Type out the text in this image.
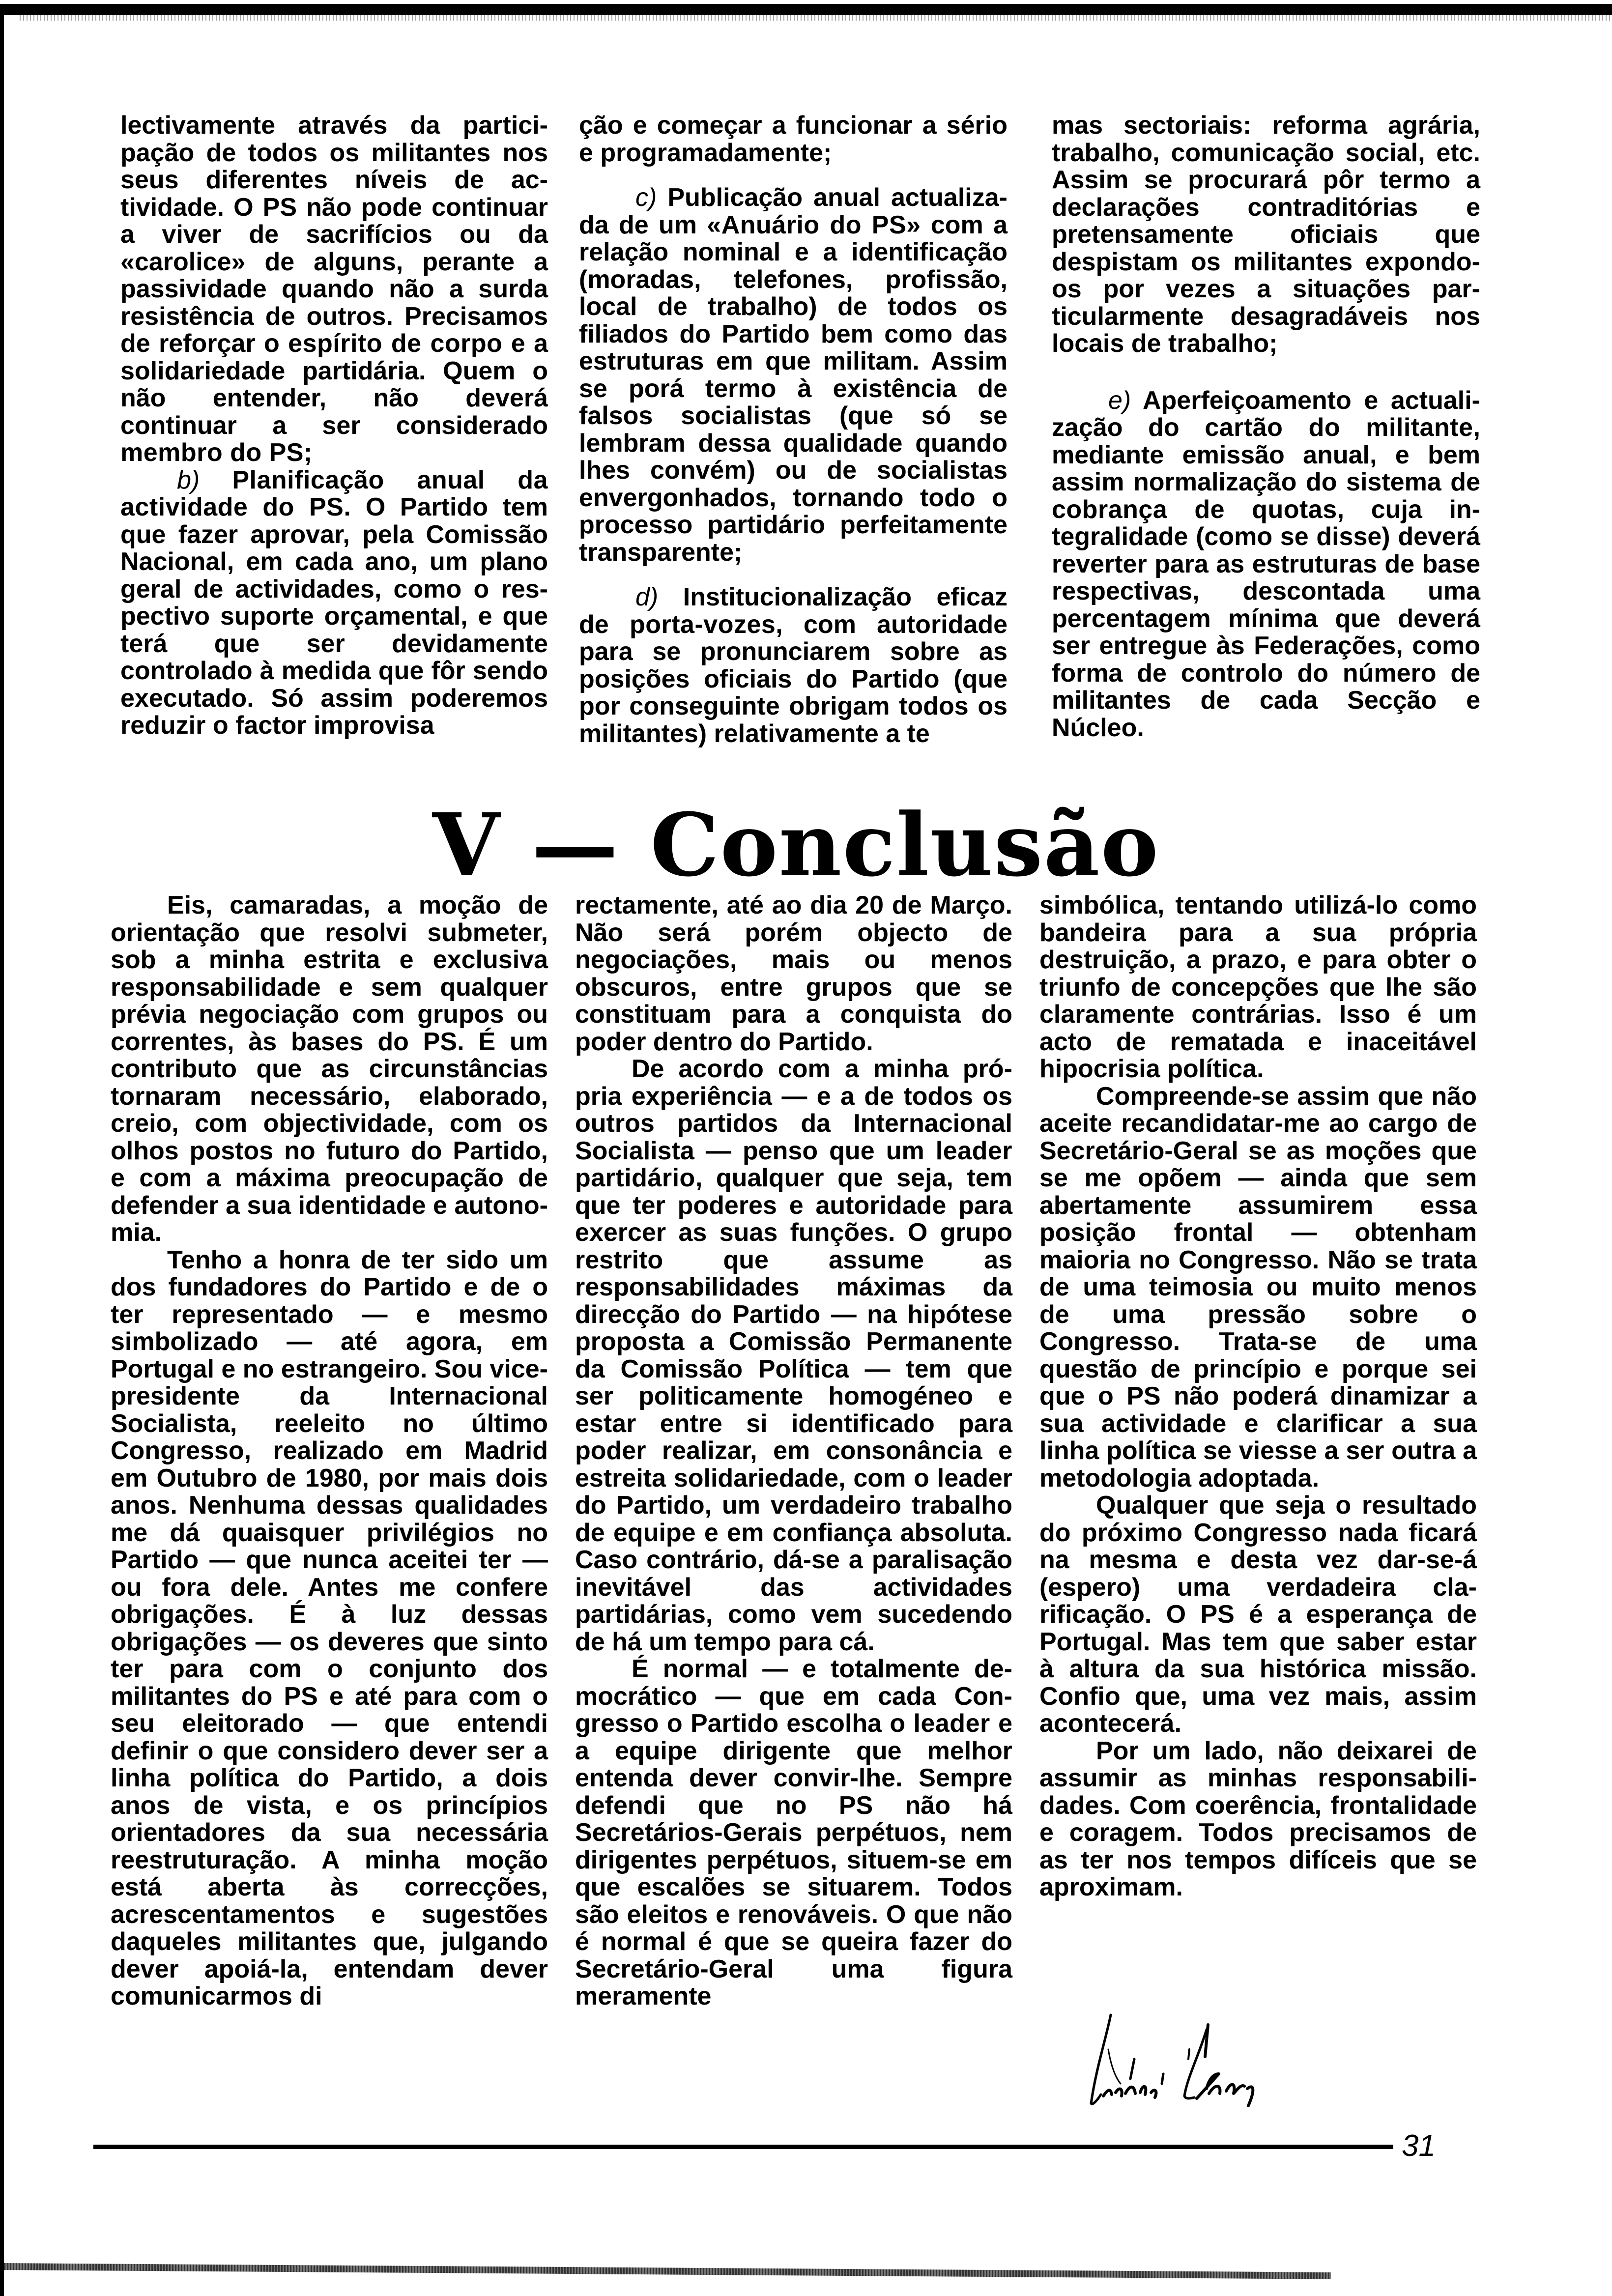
lectivamente através da participação de todos os militantes nos seus diferentes níveis de actividade. O PS não pode continuar a viver de sacrifícios ou da «carolice» de alguns, perante a passividade quando não a surda resistência de outros. Precisamos de reforçar o espírito de corpo e a solidariedade partidária. Quem o não entender, não deverá continuar a ser considerado membro do PS;

b) Planificação anual da actividade do PS. O Partido tem que fazer aprovar, pela Comissão Nacional, em cada ano, um plano geral de actividades, como o respectivo suporte orçamental, e que terá que ser devidamente controlado à medida que fôr sendo executado. Só assim poderemos reduzir o factor improvisa

ção e começar a funcionar a sério e programadamente;

c) Publicação anual actualizada de um «Anuário do PS» com a relação nominal e a identificação (moradas, telefones, profissão, local de trabalho) de todos os filiados do Partido bem como das estruturas em que militam. Assim se porá termo à existência de falsos socialistas (que só se lembram dessa qualidade quando lhes convém) ou de socialistas envergonhados, tornando todo o processo partidário perfeitamente transparente;

d) Institucionalização eficaz de porta-vozes, com autoridade para se pronunciarem sobre as posições oficiais do Partido (que por conseguinte obrigam todos os militantes) relativamente a te

mas sectoriais: reforma agrária, trabalho, comunicação social, etc. Assim se procurará pôr termo a declarações contraditórias e pretensamente oficiais que despistam os militantes expondo-os por vezes a situações particularmente desagradáveis nos locais de trabalho;

e) Aperfeiçoamento e actualização do cartão do militante, mediante emissão anual, e bem assim normalização do sistema de cobrança de quotas, cuja integralidade (como se disse) deverá reverter para as estruturas de base respectivas, descontada uma percentagem mínima que deverá ser entregue às Federações, como forma de controlo do número de militantes de cada Secção e Núcleo.

V — Conclusão

Eis, camaradas, a moção de orientação que resolvi submeter, sob a minha estrita e exclusiva responsabilidade e sem qualquer prévia negociação com grupos ou correntes, às bases do PS. É um contributo que as circunstâncias tornaram necessário, elaborado, creio, com objectividade, com os olhos postos no futuro do Partido, e com a máxima preocupação de defender a sua identidade e autonomia.

Tenho a honra de ter sido um dos fundadores do Partido e de o ter representado — e mesmo simbolizado — até agora, em Portugal e no estrangeiro. Sou vice-presidente da Internacional Socialista, reeleito no último Congresso, realizado em Madrid em Outubro de 1980, por mais dois anos. Nenhuma dessas qualidades me dá quaisquer privilégios no Partido — que nunca aceitei ter — ou fora dele. Antes me confere obrigações. É à luz dessas obrigações — os deveres que sinto ter para com o conjunto dos militantes do PS e até para com o seu eleitorado — que entendi definir o que considero dever ser a linha política do Partido, a dois anos de vista, e os princípios orientadores da sua necessária reestruturação. A minha moção está aberta às correcções, acrescentamentos e sugestões daqueles militantes que, julgando dever apoiá-la, entendam dever comunicarmos di

rectamente, até ao dia 20 de Março. Não será porém objecto de negociações, mais ou menos obscuros, entre grupos que se constituam para a conquista do poder dentro do Partido.

De acordo com a minha própria experiência — e a de todos os outros partidos da Internacional Socialista — penso que um leader partidário, qualquer que seja, tem que ter poderes e autoridade para exercer as suas funções. O grupo restrito que assume as responsabilidades máximas da direcção do Partido — na hipótese proposta a Comissão Permanente da Comissão Política — tem que ser politicamente homogéneo e estar entre si identificado para poder realizar, em consonância e estreita solidariedade, com o leader do Partido, um verdadeiro trabalho de equipe e em confiança absoluta. Caso contrário, dá-se a paralisação inevitável das actividades partidárias, como vem sucedendo de há um tempo para cá.

É normal — e totalmente democrático — que em cada Congresso o Partido escolha o leader e a equipe dirigente que melhor entenda dever convir-lhe. Sempre defendi que no PS não há Secretários-Gerais perpétuos, nem dirigentes perpétuos, situem-se em que escalões se situarem. Todos são eleitos e renováveis. O que não é normal é que se queira fazer do Secretário-Geral uma figura meramente

simbólica, tentando utilizá-lo como bandeira para a sua própria destruição, a prazo, e para obter o triunfo de concepções que lhe são claramente contrárias. Isso é um acto de rematada e inaceitável hipocrisia política.

Compreende-se assim que não aceite recandidatar-me ao cargo de Secretário-Geral se as moções que se me opõem — ainda que sem abertamente assumirem essa posição frontal — obtenham maioria no Congresso. Não se trata de uma teimosia ou muito menos de uma pressão sobre o Congresso. Trata-se de uma questão de princípio e porque sei que o PS não poderá dinamizar a sua actividade e clarificar a sua linha política se viesse a ser outra a metodologia adoptada.

Qualquer que seja o resultado do próximo Congresso nada ficará na mesma e desta vez dar-se-á (espero) uma verdadeira clarificação. O PS é a esperança de Portugal. Mas tem que saber estar à altura da sua histórica missão. Confio que, uma vez mais, assim acontecerá.

Por um lado, não deixarei de assumir as minhas responsabilidades. Com coerência, frontalidade e coragem. Todos precisamos de as ter nos tempos difíceis que se aproximam.

31
